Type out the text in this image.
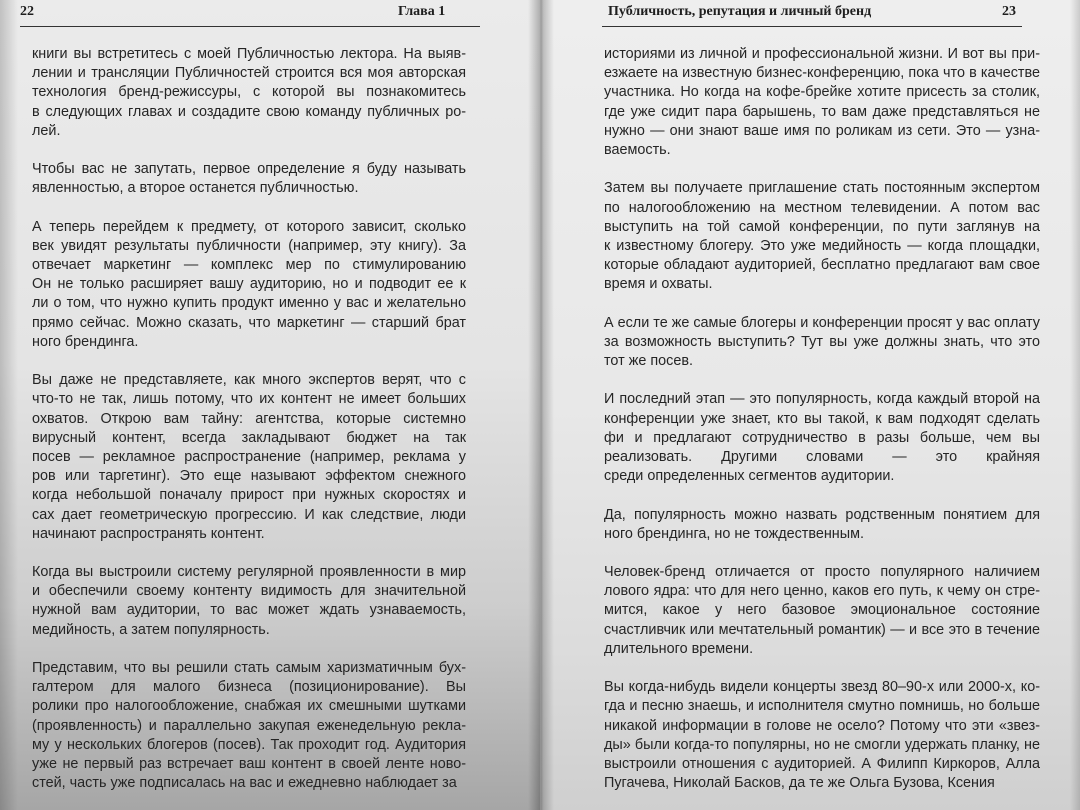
22	Глава 1
книги вы встретитесь с моей Публичностью лектора. На выяв-
лении и трансляции Публичностей строится вся моя авторская
технология бренд-режиссуры, с которой вы познакомитесь
в следующих главах и создадите свою команду публичных ро-
лей.
Чтобы вас не запутать, первое определение я буду называть
явленностью, а второе останется публичностью.
А теперь перейдем к предмету, от которого зависит, сколько
век увидят результаты публичности (например, эту книгу). За
отвечает маркетинг — комплекс мер по стимулированию
Он не только расширяет вашу аудиторию, но и подводит ее к
ли о том, что нужно купить продукт именно у вас и желательно
прямо сейчас. Можно сказать, что маркетинг — старший брат
ного брендинга.
Вы даже не представляете, как много экспертов верят, что с
что-то не так, лишь потому, что их контент не имеет больших
охватов. Открою вам тайну: агентства, которые системно
вирусный контент, всегда закладывают бюджет на так
посев — рекламное распространение (например, реклама у
ров или таргетинг). Это еще называют эффектом снежного
когда небольшой поначалу прирост при нужных скоростях и
сах дает геометрическую прогрессию. И как следствие, люди
начинают распространять контент.
Когда вы выстроили систему регулярной проявленности в мир
и обеспечили своему контенту видимость для значительной
нужной вам аудитории, то вас может ждать узнаваемость,
медийность, а затем популярность.
Представим, что вы решили стать самым харизматичным бух-
галтером для малого бизнеса (позиционирование). Вы
ролики про налогообложение, снабжая их смешными шутками
(проявленность) и параллельно закупая еженедельную рекла-
му у нескольких блогеров (посев). Так проходит год. Аудитория
уже не первый раз встречает ваш контент в своей ленте ново-
стей, часть уже подписалась на вас и ежедневно наблюдает за
Публичность, репутация и личный бренд	23
историями из личной и профессиональной жизни. И вот вы при-
езжаете на известную бизнес-конференцию, пока что в качестве
участника. Но когда на кофе-брейке хотите присесть за столик,
где уже сидит пара барышень, то вам даже представляться не
нужно — они знают ваше имя по роликам из сети. Это — узна-
ваемость.
Затем вы получаете приглашение стать постоянным экспертом
по налогообложению на местном телевидении. А потом вас
выступить на той самой конференции, по пути заглянув на
к известному блогеру. Это уже медийность — когда площадки,
которые обладают аудиторией, бесплатно предлагают вам свое
время и охваты.
А если те же самые блогеры и конференции просят у вас оплату
за возможность выступить? Тут вы уже должны знать, что это
тот же посев.
И последний этап — это популярность, когда каждый второй на
конференции уже знает, кто вы такой, к вам подходят сделать
фи и предлагают сотрудничество в разы больше, чем вы
реализовать. Другими словами — это крайняя
среди определенных сегментов аудитории.
Да, популярность можно назвать родственным понятием для
ного брендинга, но не тождественным.
Человек-бренд отличается от просто популярного наличием
лового ядра: что для него ценно, каков его путь, к чему он стре-
мится, какое у него базовое эмоциональное состояние
счастливчик или мечтательный романтик) — и все это в течение
длительного времени.
Вы когда-нибудь видели концерты звезд 80–90-х или 2000-х, ко-
гда и песню знаешь, и исполнителя смутно помнишь, но больше
никакой информации в голове не осело? Потому что эти «звез-
ды» были когда-то популярны, но не смогли удержать планку, не
выстроили отношения с аудиторией. А Филипп Киркоров, Алла
Пугачева, Николай Басков, да те же Ольга Бузова, Ксения
